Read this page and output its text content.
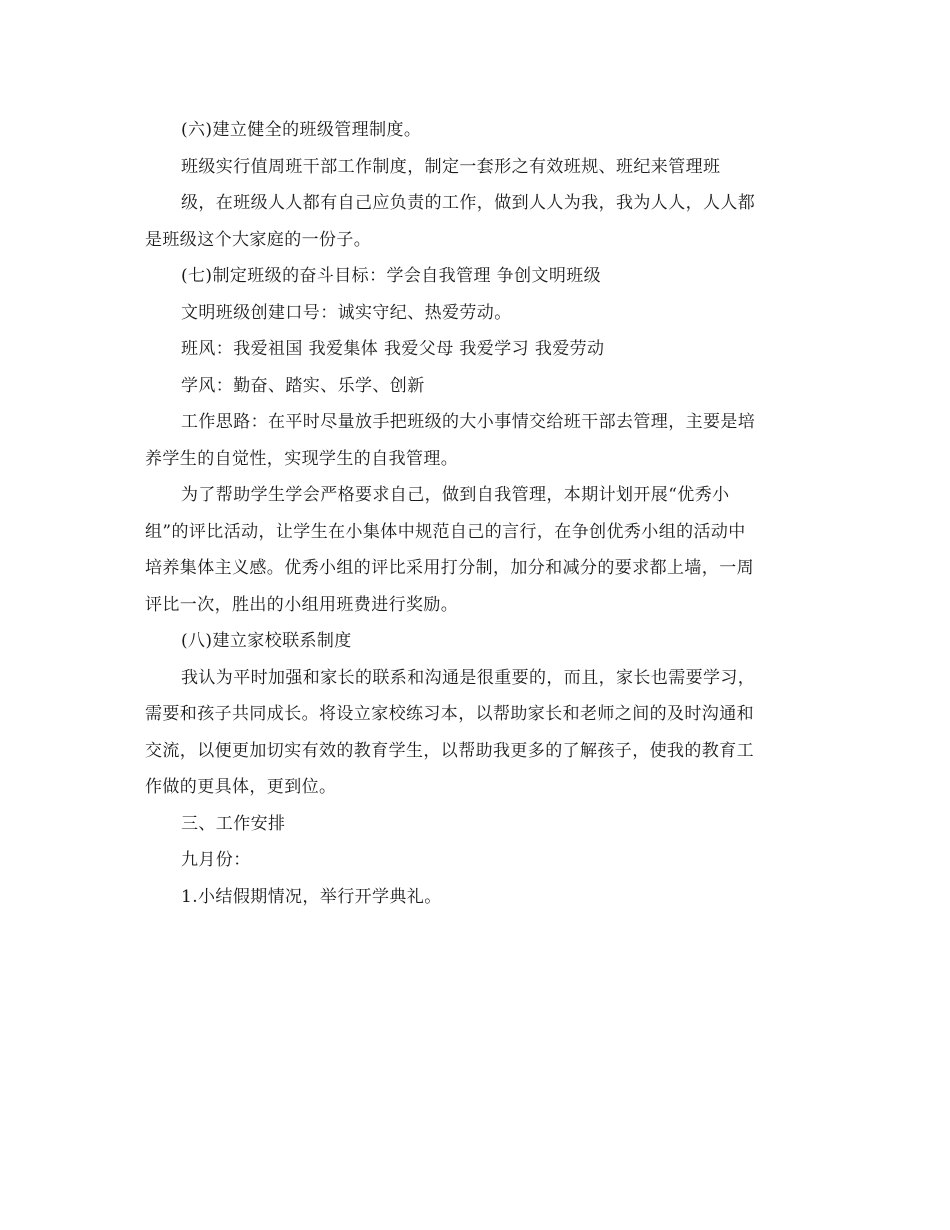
(六)建立健全的班级管理制度。
班级实行值周班干部工作制度，制定一套形之有效班规、班纪来管理班
级，在班级人人都有自己应负责的工作，做到人人为我，我为人人，人人都
是班级这个大家庭的一份子。
(七)制定班级的奋斗目标：学会自我管理 争创文明班级
文明班级创建口号：诚实守纪、热爱劳动。
班风：我爱祖国 我爱集体 我爱父母 我爱学习 我爱劳动
学风：勤奋、踏实、乐学、创新
工作思路：在平时尽量放手把班级的大小事情交给班干部去管理，主要是培
养学生的自觉性，实现学生的自我管理。
为了帮助学生学会严格要求自己，做到自我管理，本期计划开展“优秀小
组”的评比活动，让学生在小集体中规范自己的言行，在争创优秀小组的活动中
培养集体主义感。优秀小组的评比采用打分制，加分和减分的要求都上墙，一周
评比一次，胜出的小组用班费进行奖励。
(八)建立家校联系制度
我认为平时加强和家长的联系和沟通是很重要的，而且，家长也需要学习，
需要和孩子共同成长。将设立家校练习本，以帮助家长和老师之间的及时沟通和
交流，以便更加切实有效的教育学生，以帮助我更多的了解孩子，使我的教育工
作做的更具体，更到位。
三、工作安排
九月份：
1.小结假期情况，举行开学典礼。
